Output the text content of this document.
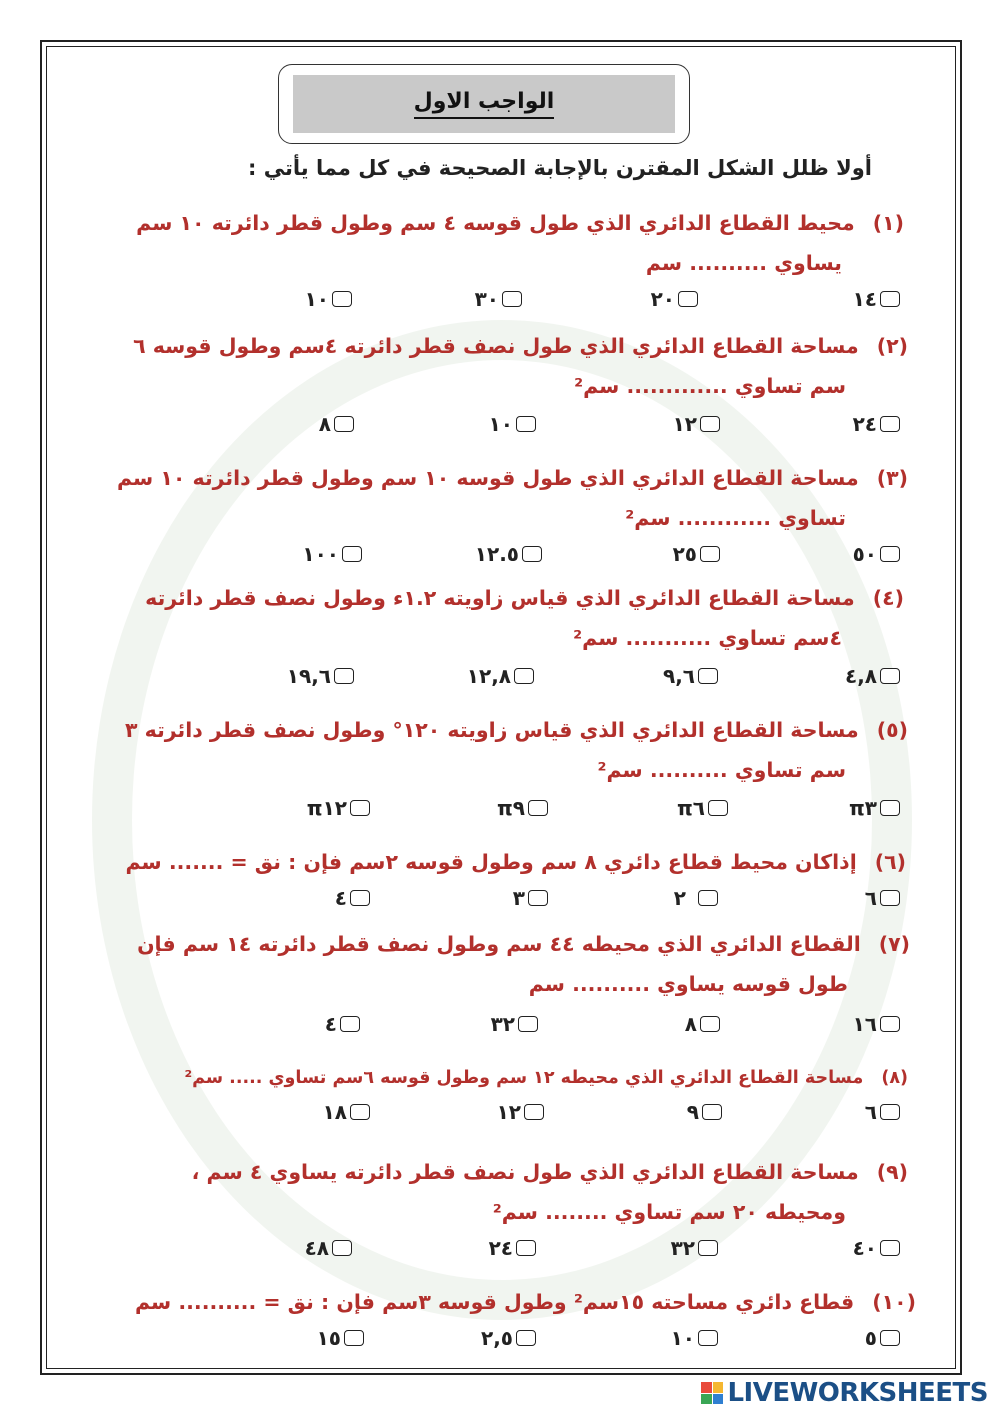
الواجب الاول
أولا ظلل الشكل المقترن بالإجابة الصحيحة في كل مما يأتي :
(١)محيط القطاع الدائري الذي طول قوسه ٤ سم وطول قطر دائرته ١٠ سم
يساوي .......... سم
١٤
٢٠
٣٠
١٠
(٢)مساحة القطاع الدائري الذي طول نصف قطر دائرته ٤سم وطول قوسه ٦
سم تساوي ............. سم²
٢٤
١٢
١٠
٨
(٣)مساحة القطاع الدائري الذي طول قوسه ١٠ سم وطول قطر دائرته ١٠ سم
تساوي ............ سم²
٥٠
٢٥
١٢.٥
١٠٠
(٤)مساحة القطاع الدائري الذي قياس زاويته ١.٢ء وطول نصف قطر دائرته
٤سم تساوي ........... سم²
٤,٨
٩,٦
١٢,٨
١٩,٦
(٥)مساحة القطاع الدائري الذي قياس زاويته ١٢٠° وطول نصف قطر دائرته ٣
سم تساوي .......... سم²
π٣
π٦
π٩
π١٢
(٦)إذاكان محيط قطاع دائري ٨ سم وطول قوسه ٢سم فإن : نق = ....... سم
٦
٢
٣
٤
(٧)القطاع الدائري الذي محيطه ٤٤ سم وطول نصف قطر دائرته ١٤ سم فإن
طول قوسه يساوي .......... سم
١٦
٨
٣٢
٤
(٨)مساحة القطاع الدائري الذي محيطه ١٢ سم وطول قوسه ٦سم تساوي ..... سم²
٦
٩
١٢
١٨
(٩)مساحة القطاع الدائري الذي طول نصف قطر دائرته يساوي ٤ سم ،
ومحيطه ٢٠ سم تساوي ........ سم²
٤٠
٣٢
٢٤
٤٨
(١٠)قطاع دائري مساحته ١٥سم² وطول قوسه ٣سم فإن : نق = .......... سم
٥
١٠
٢,٥
١٥
LIVEWORKSHEETS
